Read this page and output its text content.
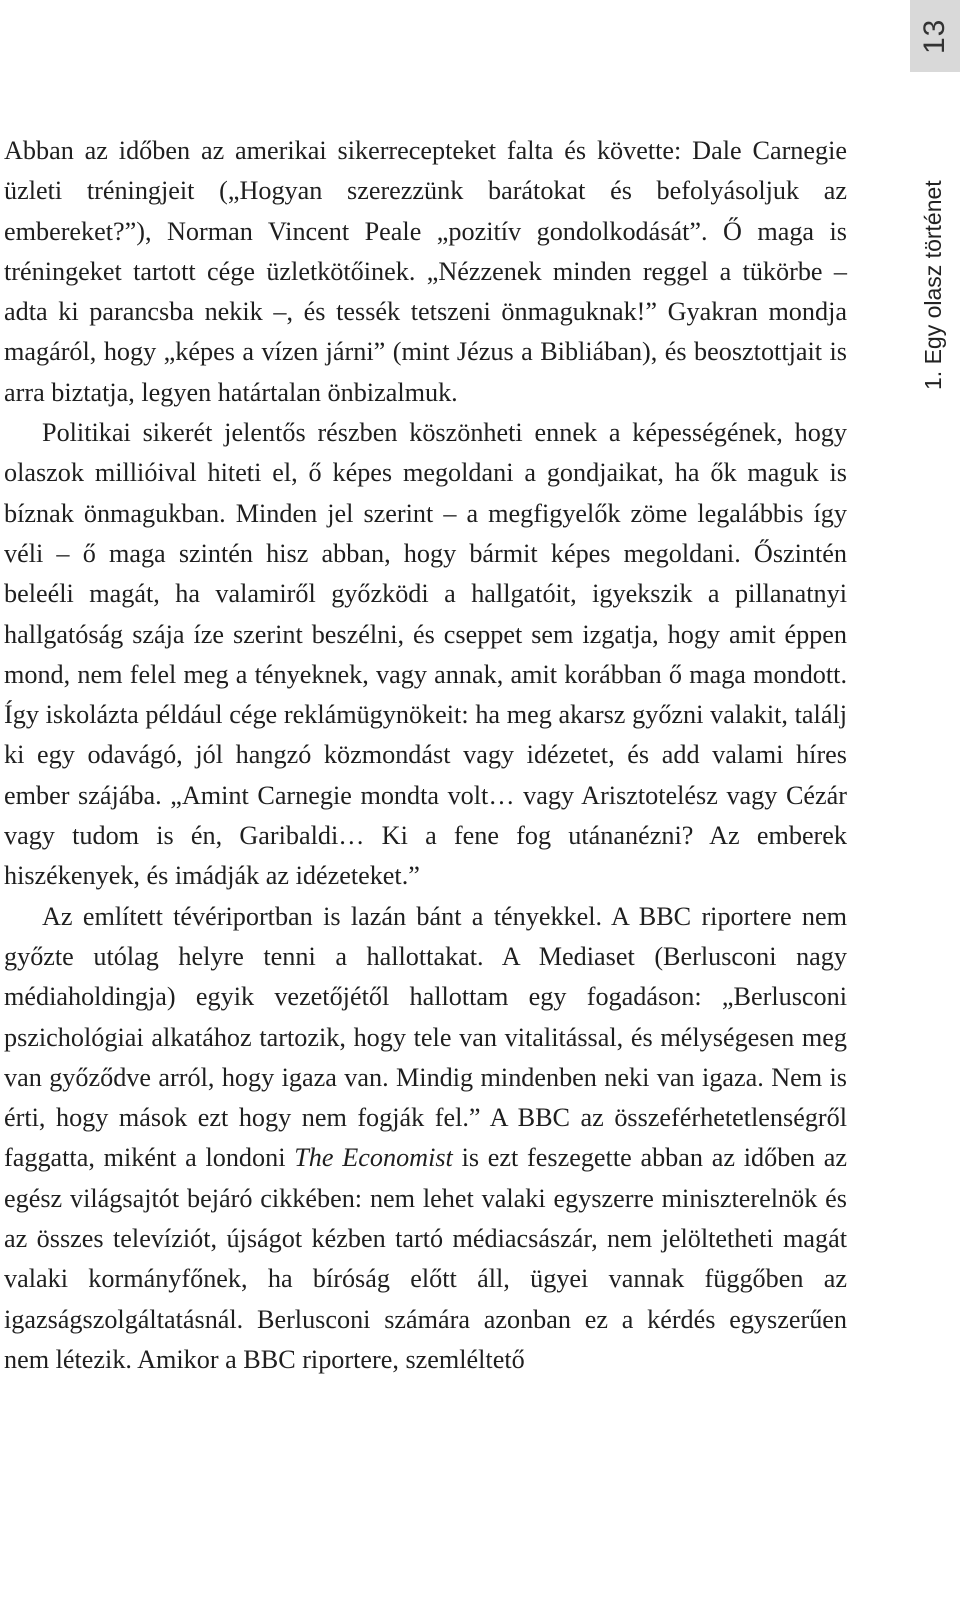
13
1. Egy olasz történet

Abban az időben az amerikai sikerrecepteket falta és követte: Dale Carnegie üzleti tréningjeit („Hogyan szerezzünk barátokat és befolyásoljuk az embereket?”), Norman Vincent Peale „pozitív gondolkodását”. Ő maga is tréningeket tartott cége üzletkötőinek. „Nézzenek minden reggel a tükörbe – adta ki parancsba nekik –, és tessék tetszeni önmaguknak!” Gyakran mondja magáról, hogy „képes a vízen járni” (mint Jézus a Bibliában), és beosztottjait is arra biztatja, legyen határtalan önbizalmuk.

Politikai sikerét jelentős részben köszönheti ennek a képességének, hogy olaszok millióival hiteti el, ő képes megoldani a gondjaikat, ha ők maguk is bíznak önmagukban. Minden jel szerint – a megfigyelők zöme legalábbis így véli – ő maga szintén hisz abban, hogy bármit képes megoldani. Őszintén beleéli magát, ha valamiről győzködi a hallgatóit, igyekszik a pillanatnyi hallgatóság szája íze szerint beszélni, és cseppet sem izgatja, hogy amit éppen mond, nem felel meg a tényeknek, vagy annak, amit korábban ő maga mondott. Így iskolázta például cége reklámügynökeit: ha meg akarsz győzni valakit, találj ki egy odavágó, jól hangzó közmondást vagy idézetet, és add valami híres ember szájába. „Amint Carnegie mondta volt… vagy Arisztotelész vagy Cézár vagy tudom is én, Garibaldi… Ki a fene fog utánanézni? Az emberek hiszékenyek, és imádják az idézeteket.”

Az említett tévériportban is lazán bánt a tényekkel. A BBC riportere nem győzte utólag helyre tenni a hallottakat. A Mediaset (Berlusconi nagy médiaholdingja) egyik vezetőjétől hallottam egy fogadáson: „Berlusconi pszichológiai alkatához tartozik, hogy tele van vitalitással, és mélységesen meg van győződve arról, hogy igaza van. Mindig mindenben neki van igaza. Nem is érti, hogy mások ezt hogy nem fogják fel.” A BBC az összeférhetetlenségről faggatta, miként a londoni The Economist is ezt feszegette abban az időben az egész világsajtót bejáró cikkében: nem lehet valaki egyszerre miniszterelnök és az összes televíziót, újságot kézben tartó médiacsászár, nem jelöltetheti magát valaki kormányfőnek, ha bíróság előtt áll, ügyei vannak függőben az igazságszolgáltatásnál. Berlusconi számára azonban ez a kérdés egyszerűen nem létezik. Amikor a BBC riportere, szemléltető
